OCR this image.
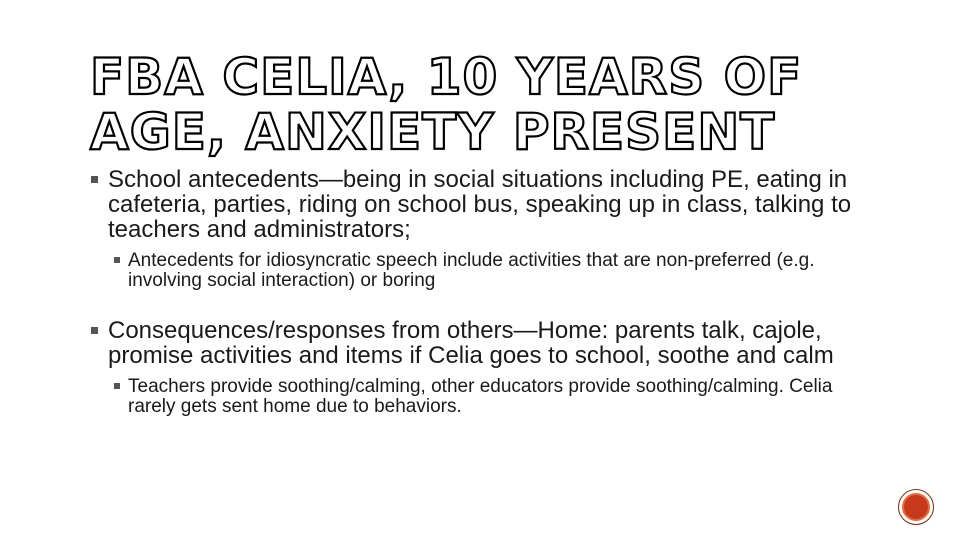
FBA CELIA, 10 YEARS OF AGE, ANXIETY PRESENT
School antecedents—being in social situations including PE, eating in cafeteria, parties, riding on school bus, speaking up in class, talking to teachers and administrators;
Antecedents for idiosyncratic speech include activities that are non-preferred (e.g. involving social interaction) or boring
Consequences/responses from others—Home: parents talk, cajole, promise activities and items if Celia goes to school, soothe and calm
Teachers provide soothing/calming, other educators provide soothing/calming. Celia rarely gets sent home due to behaviors.
